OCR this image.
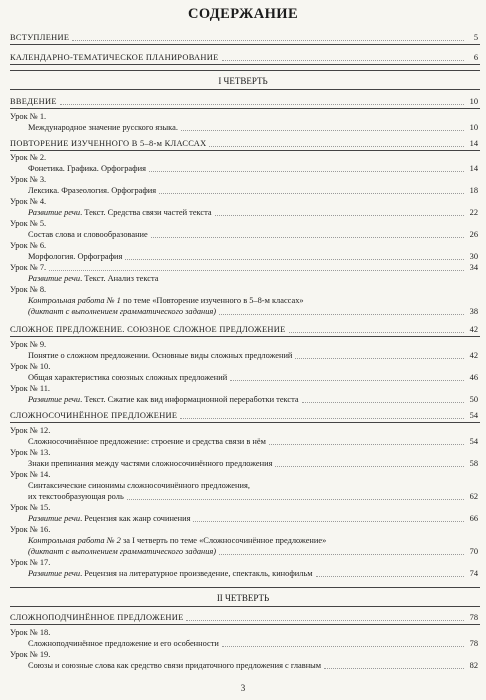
СОДЕРЖАНИЕ
ВСТУПЛЕНИЕ	5
КАЛЕНДАРНО-ТЕМАТИЧЕСКОЕ ПЛАНИРОВАНИЕ	6
I ЧЕТВЕРТЬ
ВВЕДЕНИЕ	10
Урок № 1.
Международное значение русского языка.	10
ПОВТОРЕНИЕ ИЗУЧЕННОГО В 5–8-м КЛАССАХ	14
Урок № 2.
Фонетика. Графика. Орфография	14
Урок № 3.
Лексика. Фразеология. Орфография	18
Урок № 4.
Развитие речи. Текст. Средства связи частей текста	22
Урок № 5.
Состав слова и словообразование	26
Урок № 6.
Морфология. Орфография	30
Урок № 7.	34
Развитие речи. Текст. Анализ текста
Урок № 8.
Контрольная работа № 1 по теме «Повторение изученного в 5–8-м классах»
(диктант с выполнением грамматического задания)	38
СЛОЖНОЕ ПРЕДЛОЖЕНИЕ. СОЮЗНОЕ СЛОЖНОЕ ПРЕДЛОЖЕНИЕ	42
Урок № 9.
Понятие о сложном предложении. Основные виды сложных предложений	42
Урок № 10.
Общая характеристика союзных сложных предложений	46
Урок № 11.
Развитие речи. Текст. Сжатие как вид информационной переработки текста	50
СЛОЖНОСОЧИНЁННОЕ ПРЕДЛОЖЕНИЕ	54
Урок № 12.
Сложносочинённое предложение: строение и средства связи в нём	54
Урок № 13.
Знаки препинания между частями сложносочинённого предложения	58
Урок № 14.
Синтаксические синонимы сложносочинённого предложения,
их текстообразующая роль	62
Урок № 15.
Развитие речи. Рецензия как жанр сочинения	66
Урок № 16.
Контрольная работа № 2 за I четверть по теме «Сложносочинённое предложение»
(диктант с выполнением грамматического задания)	70
Урок № 17.
Развитие речи. Рецензия на литературное произведение, спектакль, кинофильм	74
II ЧЕТВЕРТЬ
СЛОЖНОПОДЧИНЁННОЕ ПРЕДЛОЖЕНИЕ	78
Урок № 18.
Сложноподчинённое предложение и его особенности	78
Урок № 19.
Союзы и союзные слова как средство связи придаточного предложения с главным	82
3
